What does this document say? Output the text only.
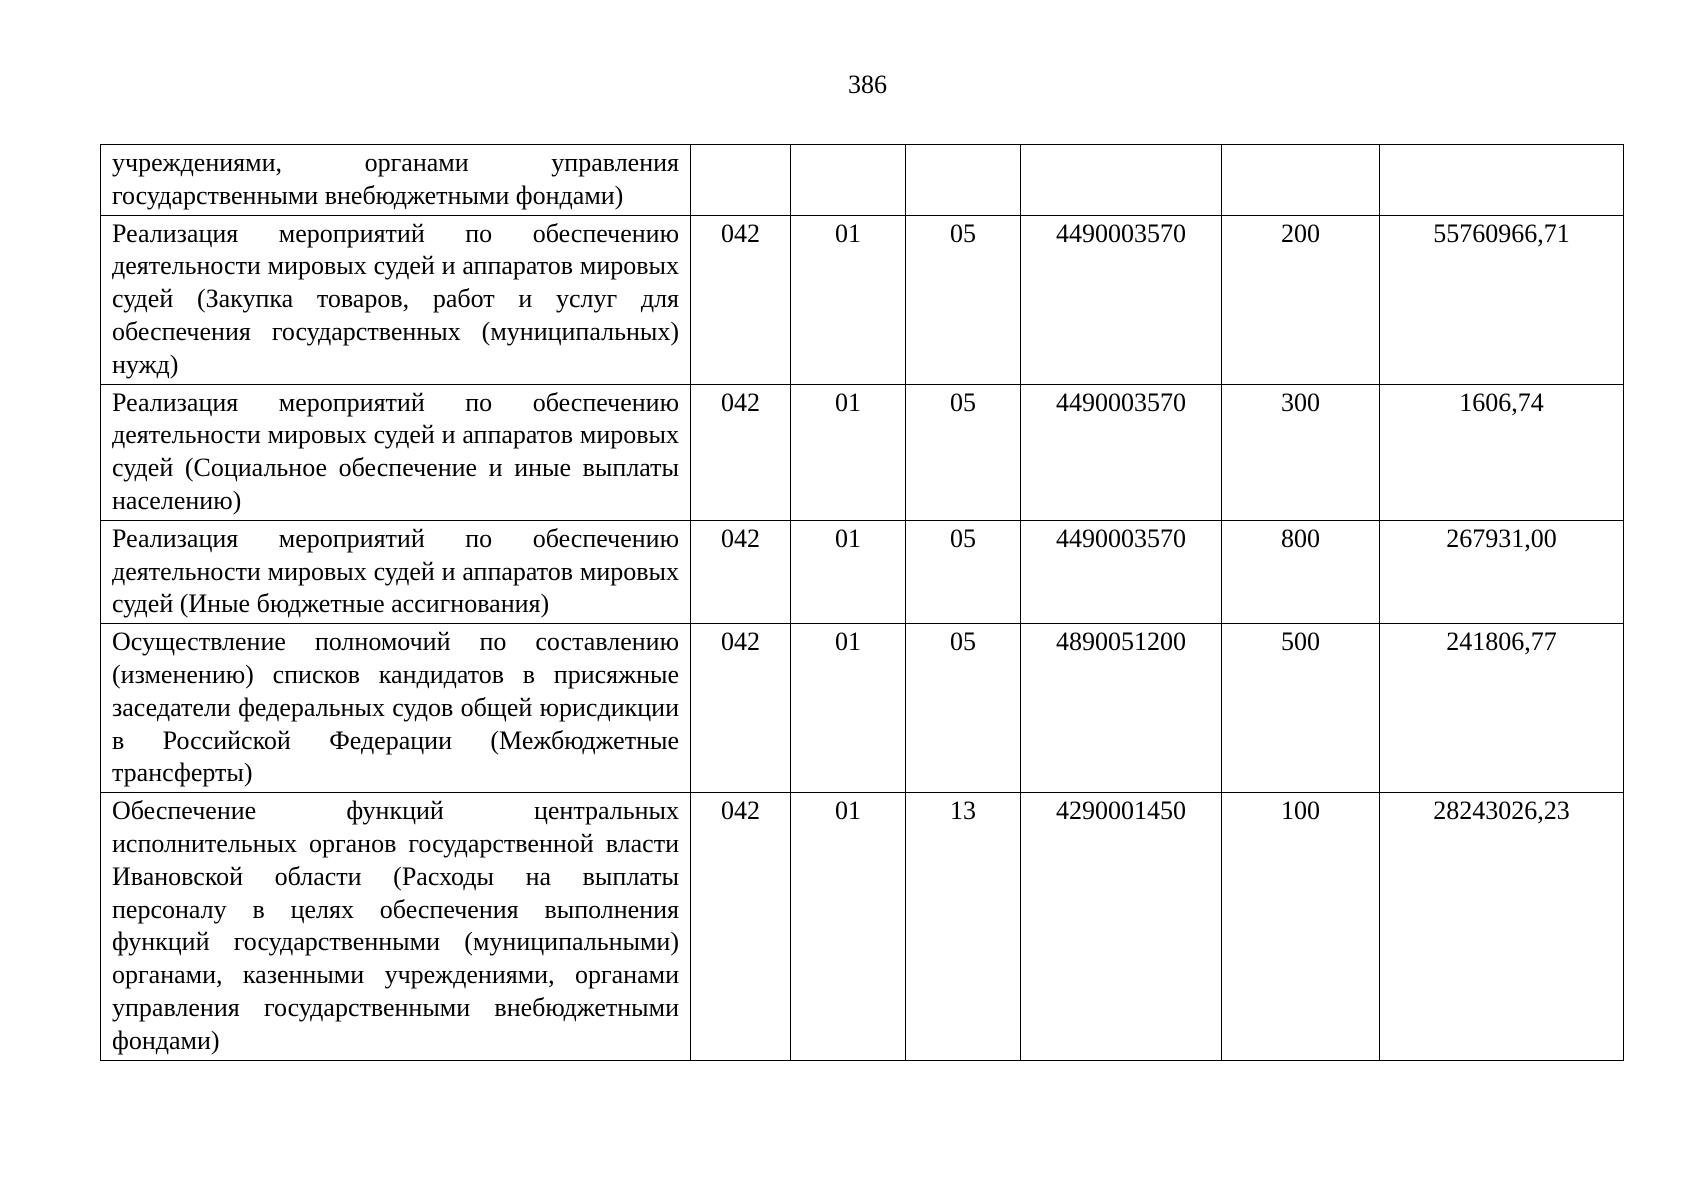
386
учреждениями, органами управления государственными внебюджетными фондами)						
Реализация мероприятий по обеспечению деятельности мировых судей и аппаратов мировых судей (Закупка товаров, работ и услуг для обеспечения государственных (муниципальных) нужд)	042	01	05	4490003570	200	55760966,71
Реализация мероприятий по обеспечению деятельности мировых судей и аппаратов мировых судей (Социальное обеспечение и иные выплаты населению)	042	01	05	4490003570	300	1606,74
Реализация мероприятий по обеспечению деятельности мировых судей и аппаратов мировых судей (Иные бюджетные ассигнования)	042	01	05	4490003570	800	267931,00
Осуществление полномочий по составлению (изменению) списков кандидатов в присяжные заседатели федеральных судов общей юрисдикции в Российской Федерации (Межбюджетные трансферты)	042	01	05	4890051200	500	241806,77
Обеспечение функций центральных исполнительных органов государственной власти Ивановской области (Расходы на выплаты персоналу в целях обеспечения выполнения функций государственными (муниципальными) органами, казенными учреждениями, органами управления государственными внебюджетными фондами)	042	01	13	4290001450	100	28243026,23
